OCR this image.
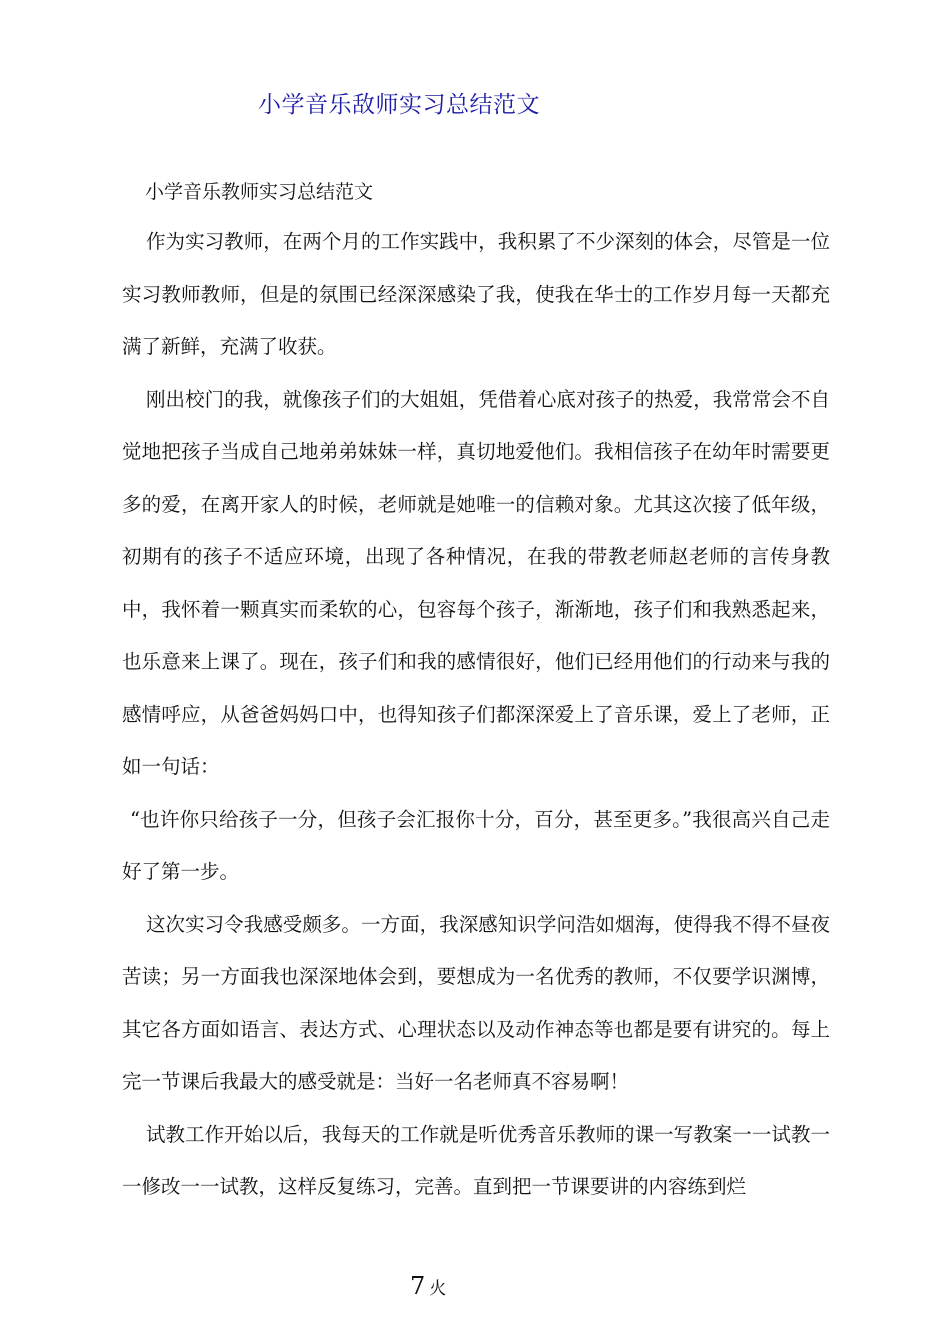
小学音乐敌师实习总结范文
小学音乐教师实习总结范文

作为实习教师，在两个月的工作实践中，我积累了不少深刻的体会，尽管是一位实习教师教师，但是的氛围已经深深感染了我，使我在华士的工作岁月每一天都充满了新鲜，充满了收获。

刚出校门的我，就像孩子们的大姐姐，凭借着心底对孩子的热爱，我常常会不自觉地把孩子当成自己地弟弟妹妹一样，真切地爱他们。我相信孩子在幼年时需要更多的爱，在离开家人的时候，老师就是她唯一的信赖对象。尤其这次接了低年级，初期有的孩子不适应环境，出现了各种情况，在我的带教老师赵老师的言传身教中，我怀着一颗真实而柔软的心，包容每个孩子，渐渐地，孩子们和我熟悉起来，也乐意来上课了。现在，孩子们和我的感情很好，他们已经用他们的行动来与我的感情呼应，从爸爸妈妈口中，也得知孩子们都深深爱上了音乐课，爱上了老师，正如一句话：

“也许你只给孩子一分，但孩子会汇报你十分，百分，甚至更多。”我很高兴自己走好了第一步。

这次实习令我感受颇多。一方面，我深感知识学问浩如烟海，使得我不得不昼夜苦读；另一方面我也深深地体会到，要想成为一名优秀的教师，不仅要学识渊博，其它各方面如语言、表达方式、心理状态以及动作神态等也都是要有讲究的。每上完一节课后我最大的感受就是：当好一名老师真不容易啊！

试教工作开始以后，我每天的工作就是听优秀音乐教师的课一写教案一一试教一一修改一一试教，这样反复练习，完善。直到把一节课要讲的内容练到烂

7 火
